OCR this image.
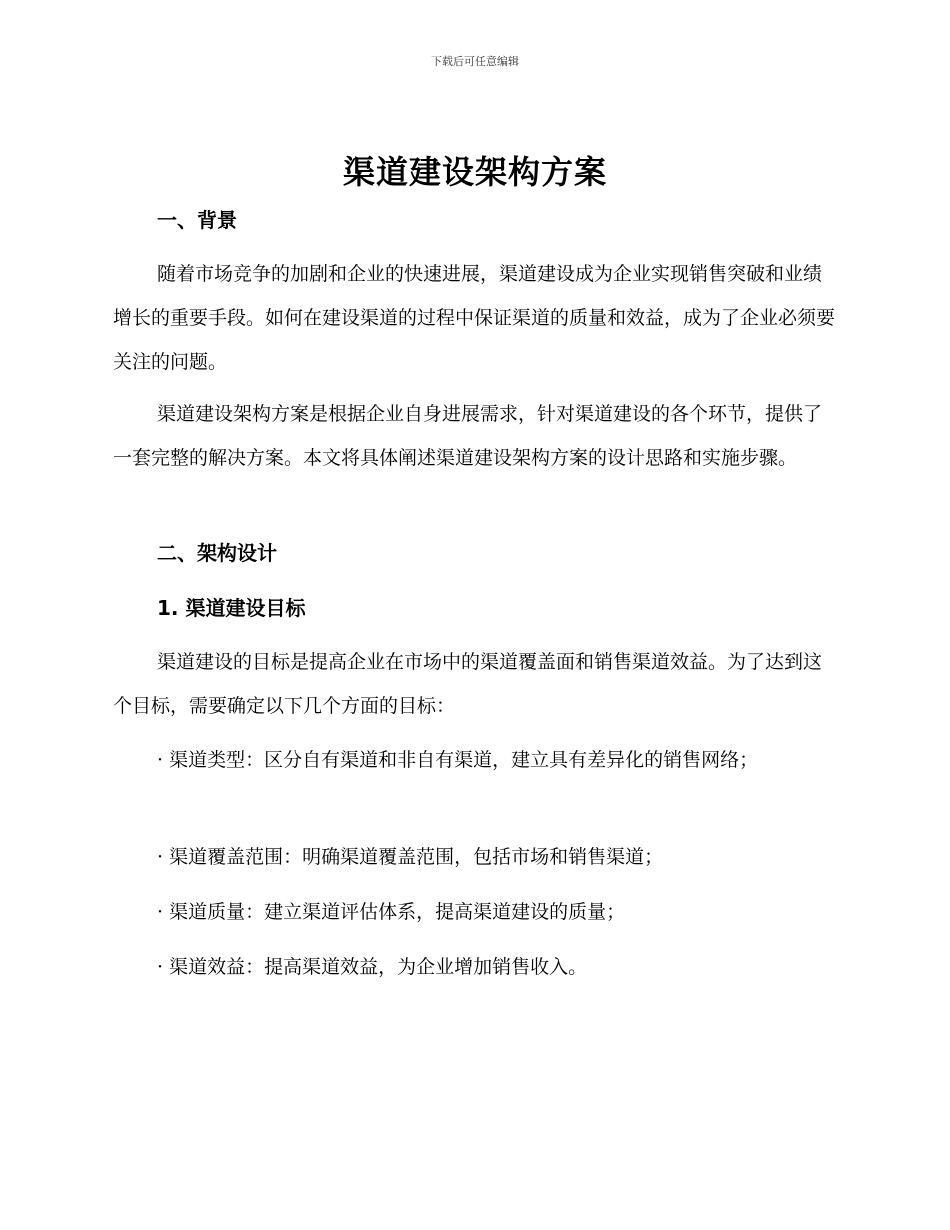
下载后可任意编辑
渠道建设架构方案
一、背景
随着市场竞争的加剧和企业的快速进展，渠道建设成为企业实现销售突破和业绩增长的重要手段。如何在建设渠道的过程中保证渠道的质量和效益，成为了企业必须要关注的问题。
渠道建设架构方案是根据企业自身进展需求，针对渠道建设的各个环节，提供了一套完整的解决方案。本文将具体阐述渠道建设架构方案的设计思路和实施步骤。
二、架构设计
1. 渠道建设目标
渠道建设的目标是提高企业在市场中的渠道覆盖面和销售渠道效益。为了达到这个目标，需要确定以下几个方面的目标：
· 渠道类型：区分自有渠道和非自有渠道，建立具有差异化的销售网络；
· 渠道覆盖范围：明确渠道覆盖范围，包括市场和销售渠道；
· 渠道质量：建立渠道评估体系，提高渠道建设的质量；
· 渠道效益：提高渠道效益，为企业增加销售收入。
